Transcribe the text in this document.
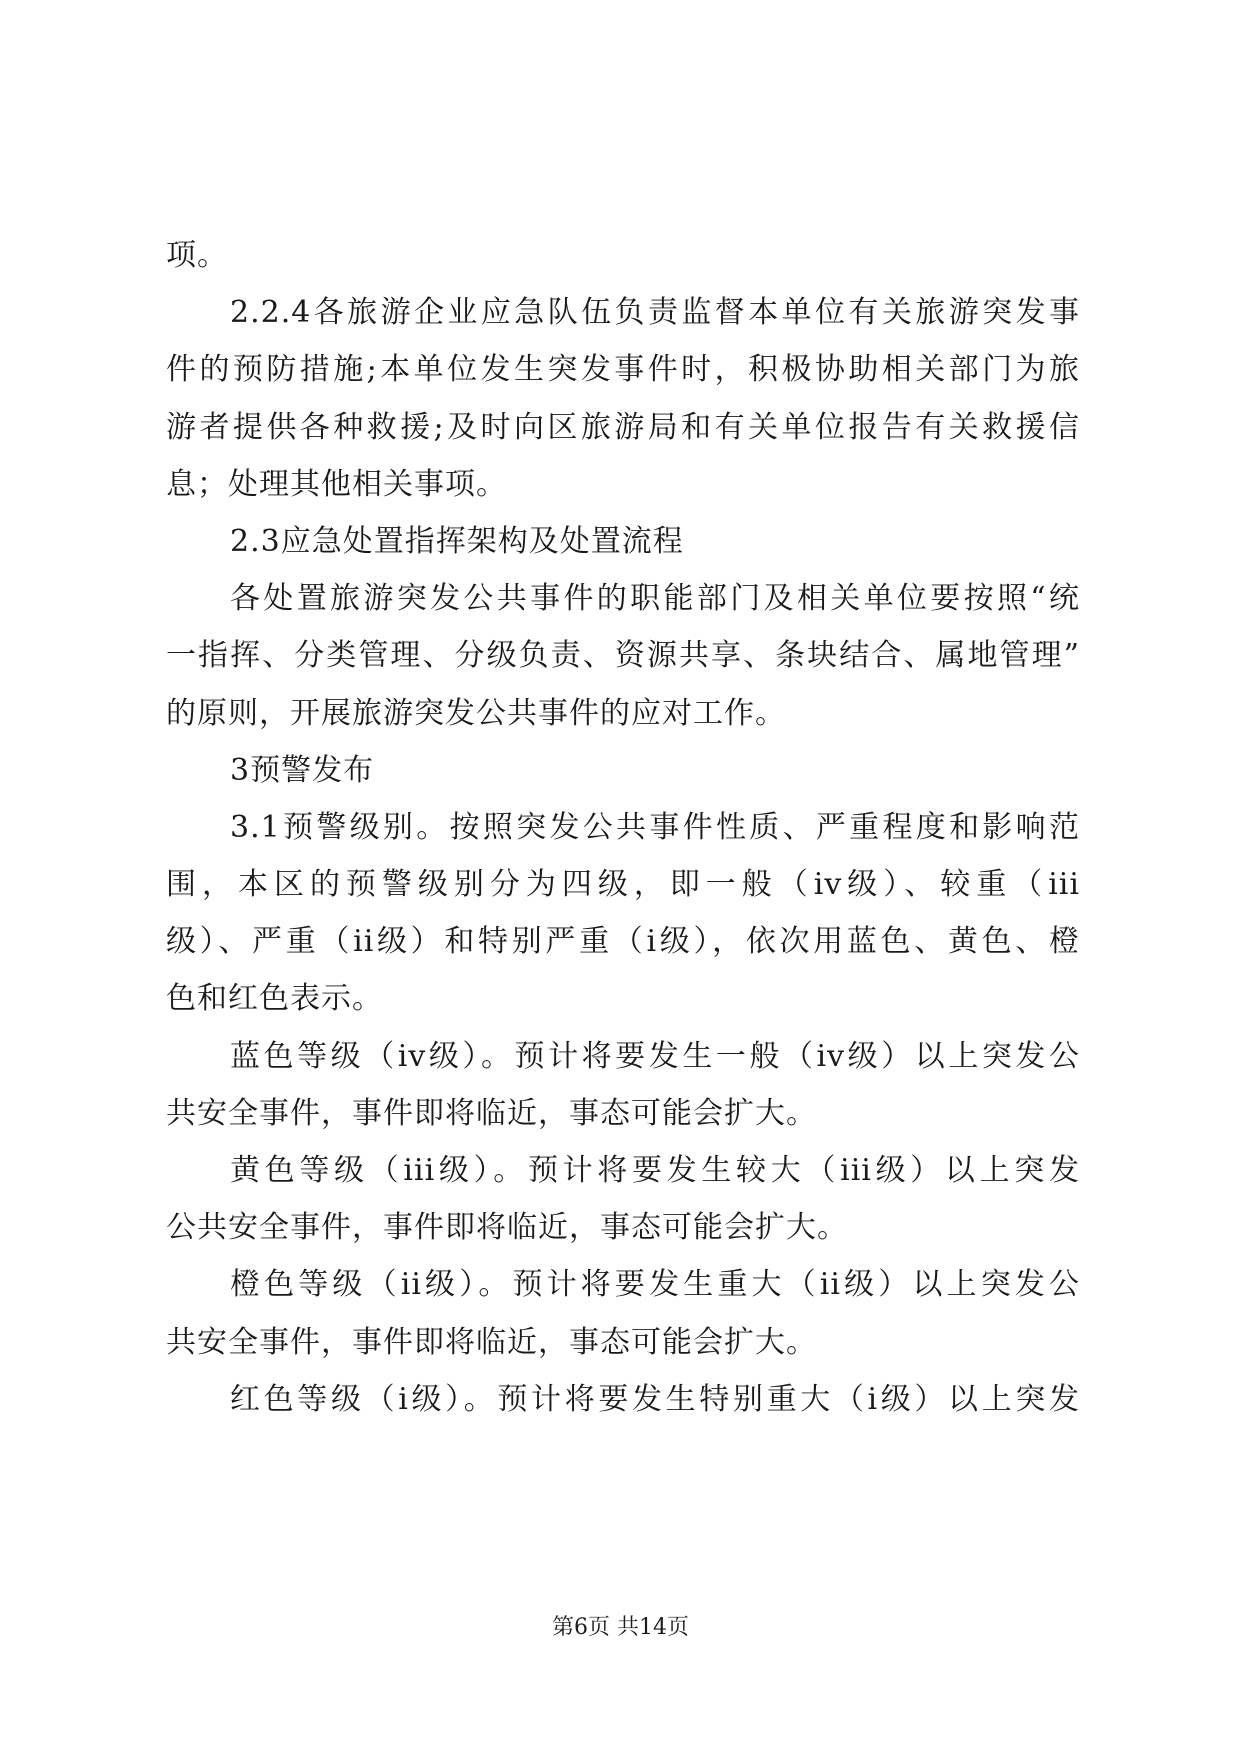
项。
2.2.4各旅游企业应急队伍负责监督本单位有关旅游突发事
件的预防措施;本单位发生突发事件时，积极协助相关部门为旅
游者提供各种救援;及时向区旅游局和有关单位报告有关救援信
息；处理其他相关事项。
2.3应急处置指挥架构及处置流程
各处置旅游突发公共事件的职能部门及相关单位要按照“统
一指挥、分类管理、分级负责、资源共享、条块结合、属地管理”
的原则，开展旅游突发公共事件的应对工作。
3预警发布
3.1预警级别。按照突发公共事件性质、严重程度和影响范
围，本区的预警级别分为四级，即一般（iv级）、较重（iii
级）、严重（ii级）和特别严重（i级），依次用蓝色、黄色、橙
色和红色表示。
蓝色等级（iv级）。预计将要发生一般（iv级）以上突发公
共安全事件，事件即将临近，事态可能会扩大。
黄色等级（iii级）。预计将要发生较大（iii级）以上突发
公共安全事件，事件即将临近，事态可能会扩大。
橙色等级（ii级）。预计将要发生重大（ii级）以上突发公
共安全事件，事件即将临近，事态可能会扩大。
红色等级（i级）。预计将要发生特别重大（i级）以上突发
第6页 共14页
